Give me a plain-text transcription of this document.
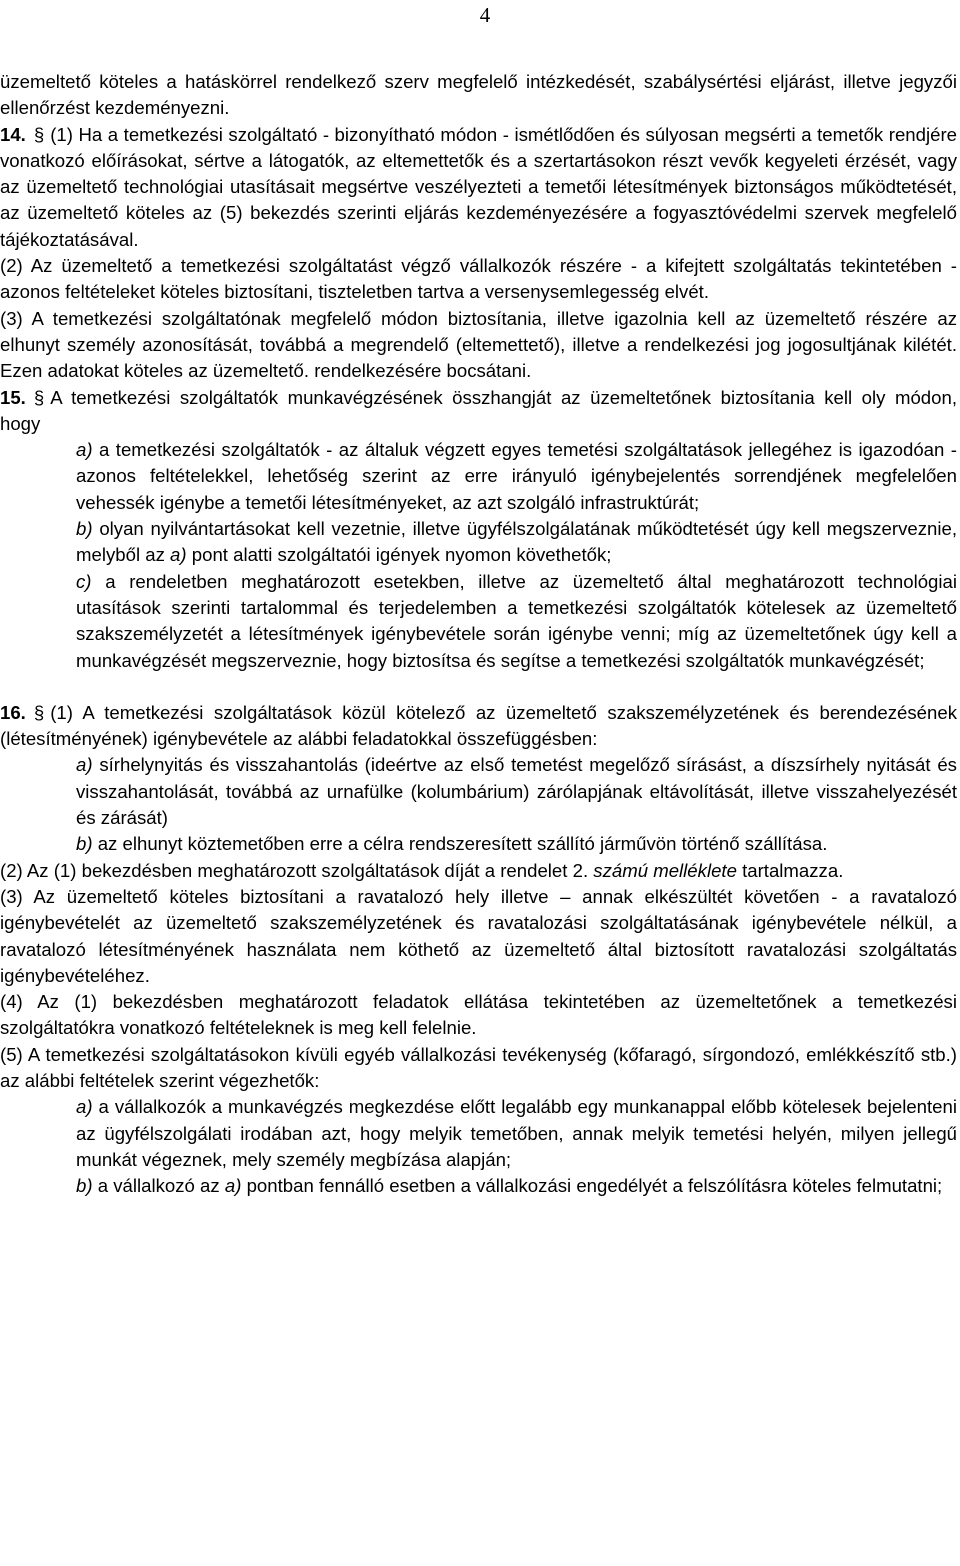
4

üzemeltető köteles a hatáskörrel rendelkező szerv megfelelő intézkedését, szabálysértési eljárást, illetve jegyzői ellenőrzést kezdeményezni.

14. § (1) Ha a temetkezési szolgáltató - bizonyítható módon - ismétlődően és súlyosan megsérti a temetők rendjére vonatkozó előírásokat, sértve a látogatók, az eltemettetők és a szertartásokon részt vevők kegyeleti érzését, vagy az üzemeltető technológiai utasításait megsértve veszélyezteti a temetői létesítmények biztonságos működtetését, az üzemeltető köteles az (5) bekezdés szerinti eljárás kezdeményezésére a fogyasztóvédelmi szervek megfelelő tájékoztatásával.

(2) Az üzemeltető a temetkezési szolgáltatást végző vállalkozók részére - a kifejtett szolgáltatás tekintetében - azonos feltételeket köteles biztosítani, tiszteletben tartva a versenysemlegesség elvét.

(3) A temetkezési szolgáltatónak megfelelő módon biztosítania, illetve igazolnia kell az üzemeltető részére az elhunyt személy azonosítását, továbbá a megrendelő (eltemettető), illetve a rendelkezési jog jogosultjának kilétét. Ezen adatokat köteles az üzemeltető. rendelkezésére bocsátani.

15. § A temetkezési szolgáltatók munkavégzésének összhangját az üzemeltetőnek biztosítania kell oly módon, hogy

a) a temetkezési szolgáltatók - az általuk végzett egyes temetési szolgáltatások jellegéhez is igazodóan - azonos feltételekkel, lehetőség szerint az erre irányuló igénybejelentés sorrendjének megfelelően vehessék igénybe a temetői létesítményeket, az azt szolgáló infrastruktúrát;

b) olyan nyilvántartásokat kell vezetnie, illetve ügyfélszolgálatának működtetését úgy kell megszerveznie, melyből az a) pont alatti szolgáltatói igények nyomon követhetők;

c) a rendeletben meghatározott esetekben, illetve az üzemeltető által meghatározott technológiai utasítások szerinti tartalommal és terjedelemben a temetkezési szolgáltatók kötelesek az üzemeltető szakszemélyzetét a létesítmények igénybevétele során igénybe venni; míg az üzemeltetőnek úgy kell a munkavégzését megszerveznie, hogy biztosítsa és segítse a temetkezési szolgáltatók munkavégzését;

16. § (1) A temetkezési szolgáltatások közül kötelező az üzemeltető szakszemélyzetének és berendezésének (létesítményének) igénybevétele az alábbi feladatokkal összefüggésben:

a) sírhelynyitás és visszahantolás (ideértve az első temetést megelőző sírásást, a díszsírhely nyitását és visszahantolását, továbbá az urnafülke (kolumbárium) zárólapjának eltávolítását, illetve visszahelyezését és zárását)

b) az elhunyt köztemetőben erre a célra rendszeresített szállító járművön történő szállítása.

(2) Az (1) bekezdésben meghatározott szolgáltatások díját a rendelet 2. számú melléklete tartalmazza.

(3) Az üzemeltető köteles biztosítani a ravatalozó hely illetve – annak elkészültét követően - a ravatalozó igénybevételét az üzemeltető szakszemélyzetének és ravatalozási szolgáltatásának igénybevétele nélkül, a ravatalozó létesítményének használata nem köthető az üzemeltető által biztosított ravatalozási szolgáltatás igénybevételéhez.

(4) Az (1) bekezdésben meghatározott feladatok ellátása tekintetében az üzemeltetőnek a temetkezési szolgáltatókra vonatkozó feltételeknek is meg kell felelnie.

(5) A temetkezési szolgáltatásokon kívüli egyéb vállalkozási tevékenység (kőfaragó, sírgondozó, emlékkészítő stb.) az alábbi feltételek szerint végezhetők:

a) a vállalkozók a munkavégzés megkezdése előtt legalább egy munkanappal előbb kötelesek bejelenteni az ügyfélszolgálati irodában azt, hogy melyik temetőben, annak melyik temetési helyén, milyen jellegű munkát végeznek, mely személy megbízása alapján;

b) a vállalkozó az a) pontban fennálló esetben a vállalkozási engedélyét a felszólításra köteles felmutatni;
